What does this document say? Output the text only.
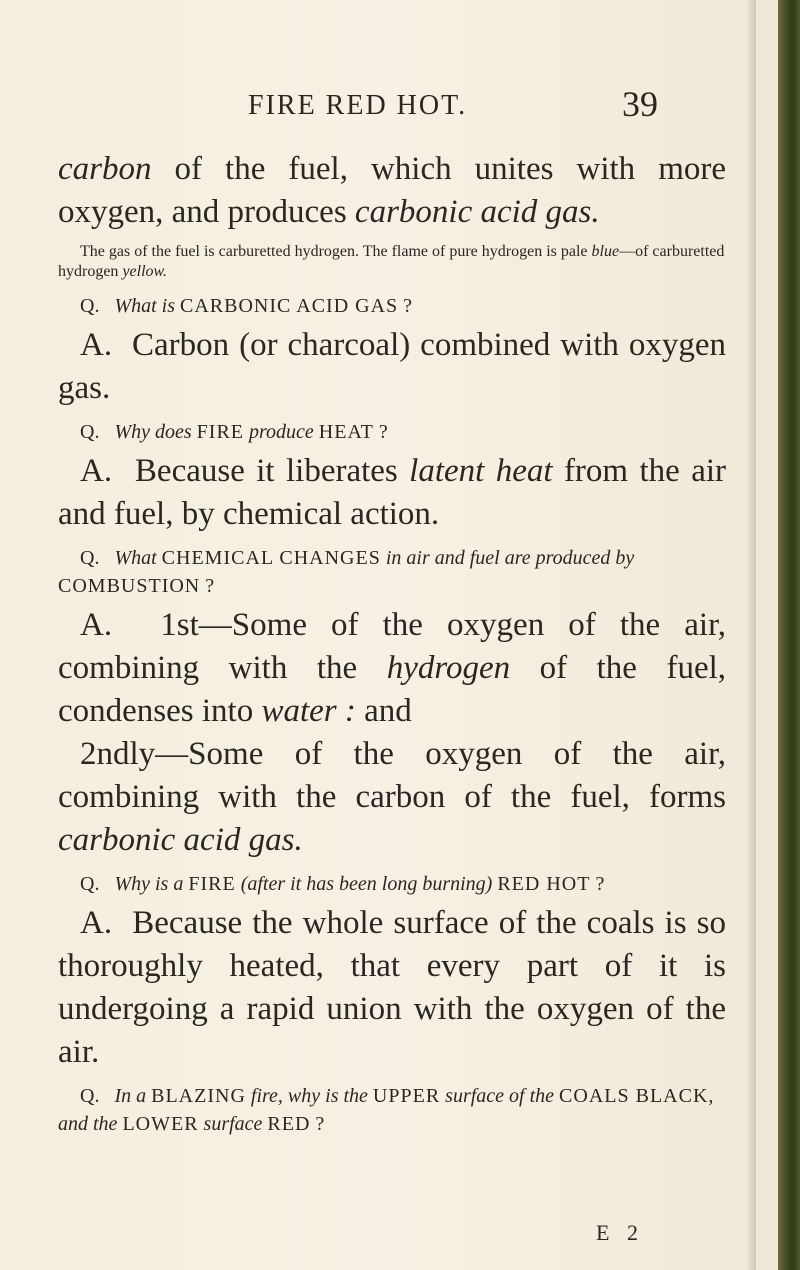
FIRE RED HOT.	39

carbon of the fuel, which unites with more oxygen, and produces carbonic acid gas.

The gas of the fuel is carburetted hydrogen. The flame of pure hydrogen is pale blue—of carburetted hydrogen yellow.

Q. What is CARBONIC ACID GAS ?

A. Carbon (or charcoal) combined with oxygen gas.

Q. Why does FIRE produce HEAT ?

A. Because it liberates latent heat from the air and fuel, by chemical action.

Q. What CHEMICAL CHANGES in air and fuel are produced by COMBUSTION ?

A. 1st—Some of the oxygen of the air, combining with the hydrogen of the fuel, condenses into water : and

2ndly—Some of the oxygen of the air, combining with the carbon of the fuel, forms carbonic acid gas.

Q. Why is a FIRE (after it has been long burning) RED HOT ?

A. Because the whole surface of the coals is so thoroughly heated, that every part of it is undergoing a rapid union with the oxygen of the air.

Q. In a BLAZING fire, why is the UPPER surface of the COALS BLACK, and the LOWER surface RED ?

E 2
